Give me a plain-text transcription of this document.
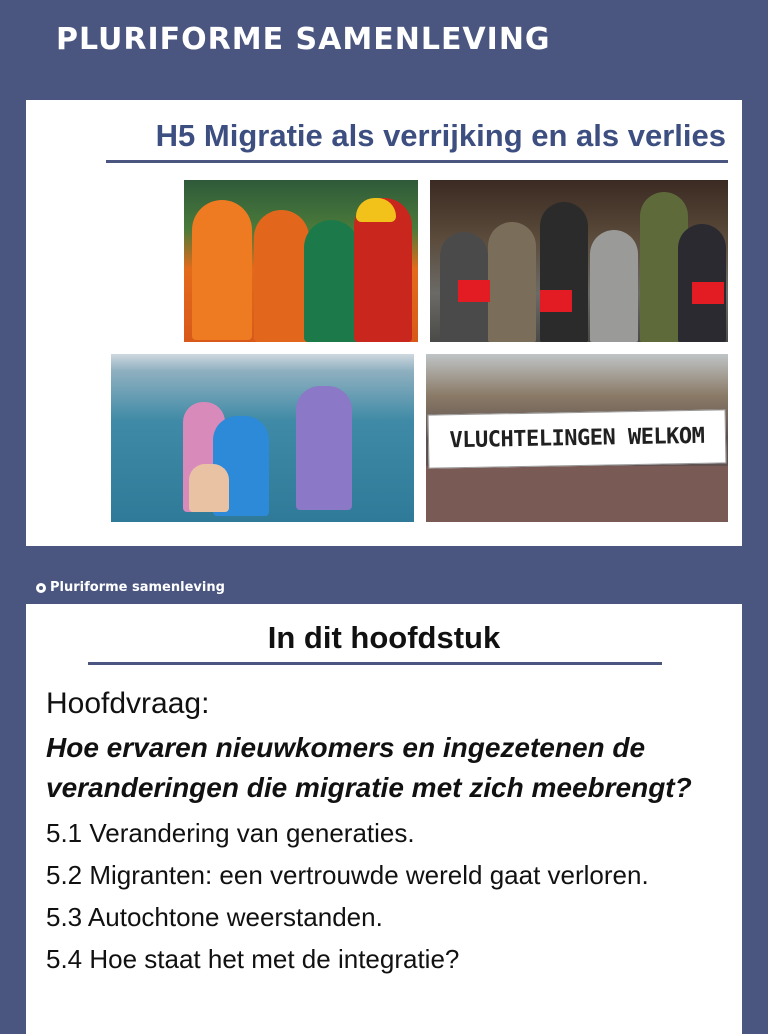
PLURIFORME SAMENLEVING
H5 Migratie als verrijking en als verlies
VLUCHTELINGEN WELKOM
Pluriforme samenleving
In dit hoofdstuk
Hoofdvraag:
Hoe ervaren nieuwkomers en ingezetenen de veranderingen die migratie met zich meebrengt?
5.1 Verandering van generaties.
5.2 Migranten: een vertrouwde wereld gaat verloren.
5.3 Autochtone weerstanden.
5.4 Hoe staat het met de integratie?
